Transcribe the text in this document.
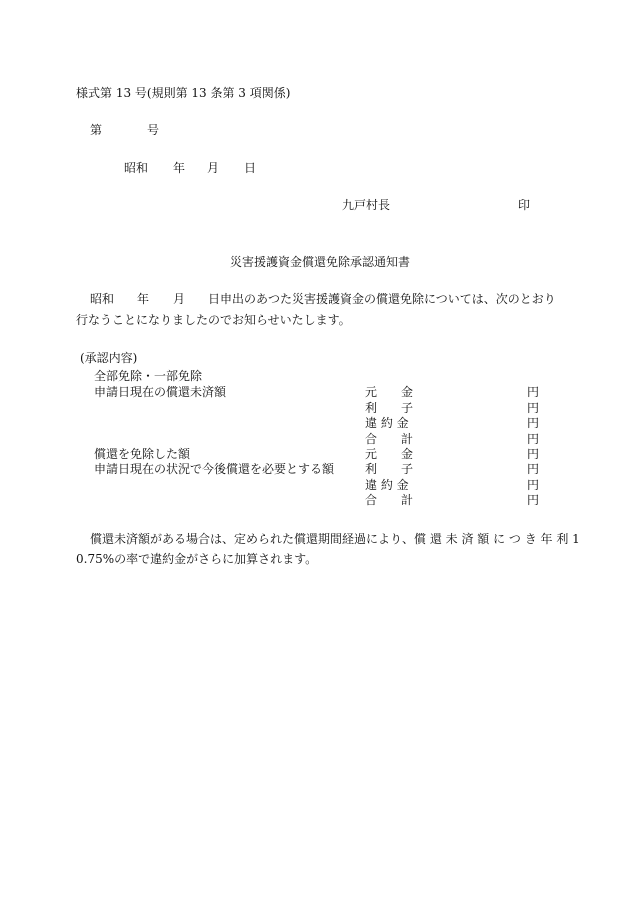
様式第 13 号(規則第 13 条第 3 項関係)
第	号
昭和 年 月 日
九戸村長	印
災害援護資金償還免除承認通知書
昭和 年 月 日申出のあつた災害援護資金の償還免除については、次のとおり
行なうことになりましたのでお知らせいたします。
(承認内容)
全部免除・一部免除
申請日現在の償還未済額
償還を免除した額
申請日現在の状況で今後償還を必要とする額
元　　金
利　　子
違 約 金
合　　計
元　　金
利　　子
違 約 金
合　　計
円
円
円
円
円
円
円
円
償還未済額がある場合は、定められた償還期間経過により、償 還 未 済 額 に つ き 年 利 1
0.75%の率で違約金がさらに加算されます。
